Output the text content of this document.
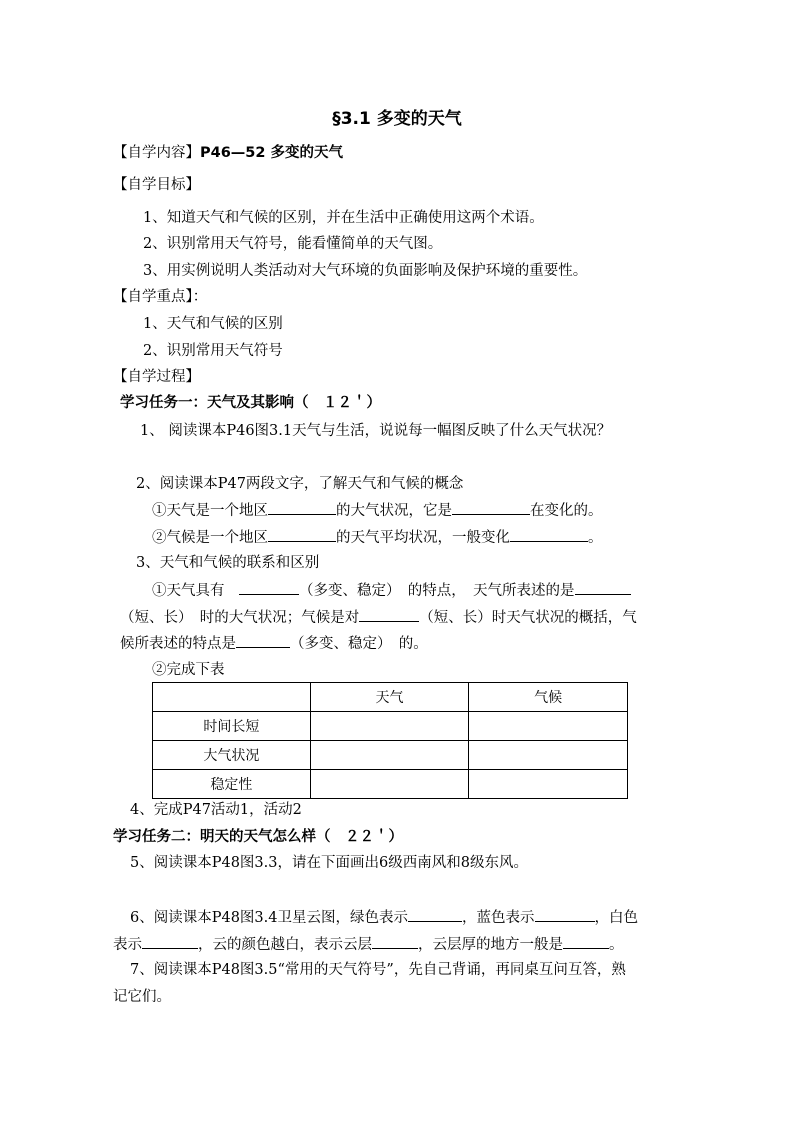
§3.1 多变的天气
【自学内容】P46—52 多变的天气
【自学目标】
1、知道天气和气候的区别，并在生活中正确使用这两个术语。
2、识别常用天气符号，能看懂简单的天气图。
3、用实例说明人类活动对大气环境的负面影响及保护环境的重要性。
【自学重点】：
1、天气和气候的区别
2、识别常用天气符号
【自学过程】
学习任务一：天气及其影响（　１２＇）
1、 阅读课本P46图3.1天气与生活，说说每一幅图反映了什么天气状况？
2、阅读课本P47两段文字，了解天气和气候的概念
①天气是一个地区	的大气状况，它是	在变化的。
②气候是一个地区	的天气平均状况，一般变化	。
3、天气和气候的联系和区别
①天气具有　	（多变、稳定）　的特点，　天气所表述的是
（短、长）　时的大气状况；气候是对	（短、长）时天气状况的概括，气
候所表述的特点是	（多变、稳定）　的。
②完成下表
	天气	气候
时间长短		
大气状况		
稳定性		
4、完成P47活动1，活动2
学习任务二：明天的天气怎么样（　２２＇）
5、阅读课本P48图3.3，请在下面画出6级西南风和8级东风。
6、阅读课本P48图3.4卫星云图，绿色表示	，蓝色表示	，白色
表示	，云的颜色越白，表示云层	，云层厚的地方一般是	。
7、阅读课本P48图3.5“常用的天气符号”，先自己背诵，再同桌互问互答，熟
记它们。
